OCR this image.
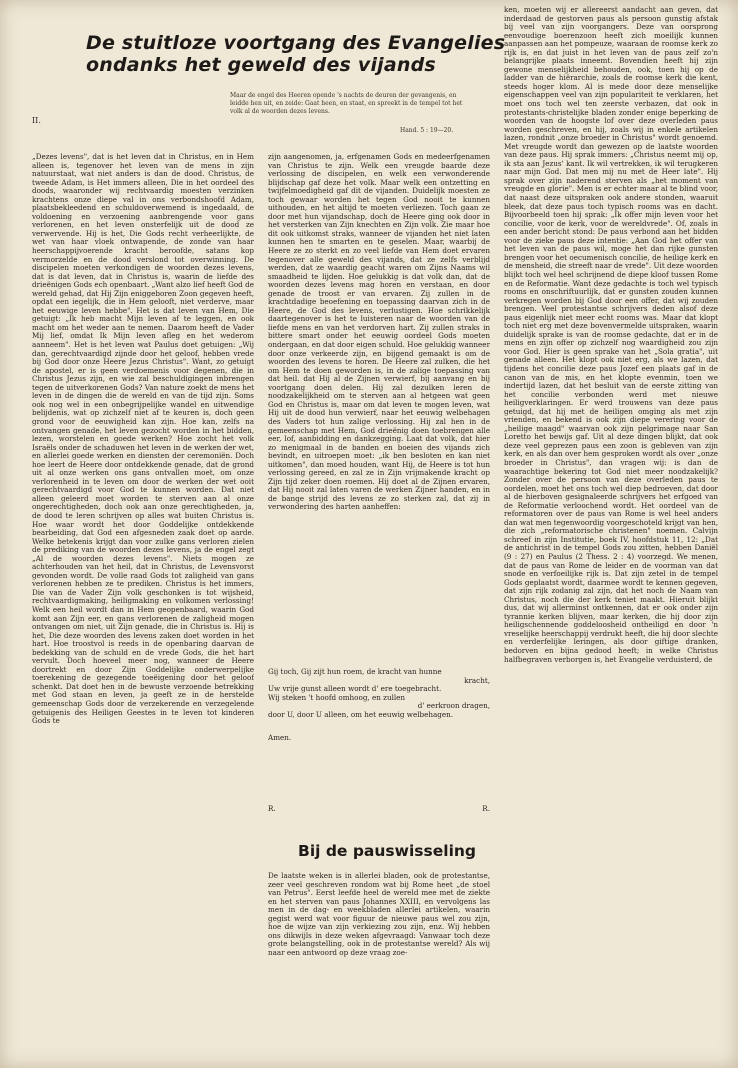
De stuitloze voortgang des Evangelies
ondanks het geweld des vijands
II.
Maar de engel des Heeren opende 's nachts de deuren der gevangenis, en leidde hen uit, en zeide: Gaat heen, en staat, en spreekt in de tempel tot het volk al de woorden dezes levens.
Hand. 5 : 19—20.

„Dezes levens", dat is het leven dat in Christus, en in Hem alleen is, tegenover het leven van de mens in zijn natuurstaat, wat niet anders is dan de dood. Christus, de tweede Adam, is Het immers alleen, Die in het oordeel des doods, waaronder wij rechtvaardig moesten verzinken krachtens onze diepe val in ons verbondshoofd Adam, plaatsbekleedend en schuldoverwemend is ingedaald, de voldoening en verzoening aanbrengende voor gans verlorenen, en het leven onsterfelijk uit de dood ze verwervende. Hij is het, Die Gods recht verheerlijkte, de wet van haar vloek ontwapende, de zonde van haar heerschappijvoerende kracht beroofde, satans kop vermorzelde en de dood verslond tot overwinning. De discipelen moeten verkondigen de woorden dezes levens, dat is dat leven, dat in Christus is, waarin de liefde des drieënigen Gods ech openbaart. „Want alzo lief heeft God de wereld gehad, dat Hij Zijn eniggeboren Zoon gegeven heeft, opdat een iegelijk, die in Hem gelooft, niet verderve, maar het eeuwige leven hebbe". Het is dat leven van Hem, Die getuigt: „Ik heb macht Mijn leven af te leggen, en ook macht om het weder aan te nemen. Daarom heeft de Vader Mij lief, omdat Ik Mijn leven afleg en het wederom aanneem". Het is het leven wat Paulus doet getuigen: „Wij dan, gerechtvaardigd zijnde door het geloof, hebben vrede bij God door onze Heere Jezus Christus". Want, zo getuigt de apostel, er is geen verdoemenis voor degenen, die in Christus Jezus zijn, en wie zal beschuldigingen inbrengen tegen de uitverkorenen Gods? Van nature zoekt de mens het leven in de dingen die de wereld en van de tijd zijn. Soms ook nog wel in een onbegrijpelijke wandel en uitwendige belijdenis, wat op zichzelf niet af te keuren is, doch geen grond voor de eeuwigheid kan zijn. Hoe kan, zelfs na ontvangen genade, het leven gezocht worden in het bidden, lezen, worstelen en goede werken? Hoe zocht het volk Israëls onder de schaduwen het leven in de werken der wet, en allerlei goede werken en diensten der ceremoniën. Doch hoe leert de Heere door ontdekkende genade, dat de grond uit al onze werken ons gans ontvallen moet, om onze verlorenheid in te leven om door de werken der wet ooit gerechtvaardigd voor God te kunnen worden. Dat niet alleen geleerd moet worden te sterven aan al onze ongerechtigheden, doch ook aan onze gerechtigheden, ja, de dood te leren schrijven op alles wat buiten Christus is. Hoe waar wordt het door Goddelijke ontdekkende bearbeiding, dat God een afgesneden zaak doet op aarde. Welke betekenis krijgt dan voor zulke gans verloren zielen de prediking van de woorden dezes levens, ja de engel zegt „Al de woorden dezes levens". Niets mogen ze achterhouden van het heil, dat in Christus, de Levensvorst gevonden wordt. De volle raad Gods tot zaligheid van gans verlorenen hebben ze te prediken. Christus is het immers, Die van de Vader Zijn volk geschonken is tot wijsheid, rechtvaardigmaking, heiligmaking en volkomen verlossing! Welk een heil wordt dan in Hem geopenbaard, waarin God komt aan Zijn eer, en gans verlorenen de zaligheid mogen ontvangen om niet, uit Zijn genade, die in Christus is. Hij is het, Die deze woorden des levens zaken doet worden in het hart. Hoe troostvol is reeds in de openbaring daarvan de bedekking van de schuld en de vrede Gods, die het hart vervult. Doch hoeveel meer nog, wanneer de Heere doortrekt en door Zijn Goddelijke onderwerpelijke toerekening de gezegende toeëigening door het geloof schenkt. Dat doet hen in de bewuste verzoende betrekking met God staan en leven, ja geeft ze in de herstelde gemeenschap Gods door de verzekerende en verzegelende getuigenis des Heiligen Geestes in te leven tot kinderen Gods te

zijn aangenomen, ja, erfgenamen Gods en medeerfgenamen van Christus te zijn. Welk een vreugde baarde deze verlossing de discipelen, en welk een verwonderende blijdschap gaf deze het volk. Maar welk een ontzetting en twijfelmoedigheid gaf dit de vijanden. Duidelijk moesten ze toch gewaar worden het tegen God nooit te kunnen uithouden, en het altijd te moeten verliezen. Toch gaan ze door met hun vijandschap, doch de Heere ging ook door in het versterken van Zijn knechten en Zijn volk. Zie maar hoe dit ook uitkomst straks, wanneer de vijanden het niet laten kunnen hen te smarten en te geselen. Maar, waarbij de Heere ze zo sterkt en zo veel liefde van Hem doet ervaren tegenover alle geweld des vijands, dat ze zelfs verblijd werden, dat ze waardig geacht waren om Zijns Naams wil smaadheid te lijden. Hoe gelukkig is dat volk dan, dat de woorden dezes levens mag horen en verstaan, en door genade de troost er van ervaren. Zij zullen in de krachtdadige beoefening en toepassing daarvan zich in de Heere, de God des levens, verlustigen. Hoe schrikkelijk daartegenover is het te luisteren naar de woorden van de liefde mens en van het verdorven hart. Zij zullen straks in bittere smart onder het eeuwig oordeel Gods moeten ondergaan, en dat door eigen schuld. Hoe gelukkig wanneer door onze verkeerde zijn, en bijgend gemaakt is om de woorden des levens te horen. De Heere zal zulken, die het om Hem te doen geworden is, in de zalige toepassing van dat heil. dat Hij al de Zijnen verwierf, bij aanvang en bij voortgang doen delen. Hij zal dezulken leren de noodzakelijkheid om te sterven aan al hetgeen wat geen God en Christus is, maar om dat leven te mogen leven, wat Hij uit de dood hun verwierf, naar het eeuwig welbehagen des Vaders tot hun zalige verlossing. Hij zal hen in de gemeenschap met Hem, God drieënig doen toebrengen alle eer, lof, aanbidding en dankzegging. Laat dat volk, dat hier zo menigmaal in de banden en boeien des vijands zich bevindt, en uitroepen moet: „ik ben besloten en kan niet uitkomen", dan moed houden, want Hij, de Heere is tot hun verlossing gereed, en zal ze in Zijn vrijmakende kracht op Zijn tijd zeker doen roemen. Hij doet al de Zijnen ervaren, dat Hij nooit zal laten varen de werken Zijner handen, en in de bange strijd des levens ze zo sterken zal, dat zij in verwondering des harten aanheffen:

Gij toch, Gij zijt hun roem, de kracht van hunne
kracht,
Uw vrije gunst alleen wordt d' ere toegebracht.
Wij steken 't hoofd omhoog, en zullen
d' eerkroon dragen,
door U, door U alleen, om het eeuwig welbehagen.
Amen.
R.	R.
Bij de pauswisseling

De laatste weken is in allerlei bladen, ook de protestantse, zeer veel geschreven rondom wat bij Rome heet „de stoel van Petrus". Eerst leefde heel de wereld mee met de ziekte en het sterven van paus Johannes XXIII, en vervolgens las men in de dag- en weekbladen allerlei artikelen, waarin gegist werd wat voor figuur de nieuwe paus wel zou zijn, hoe de wijze van zijn verkiezing zou zijn, enz. Wij hebben ons dikwijls in deze weken afgevraagd: Vanwaar toch deze grote belangstelling, ook in de protestantse wereld? Als wij naar een antwoord op deze vraag zoe-

ken, moeten wij er allereerst aandacht aan geven, dat inderdaad de gestorven paus als persoon gunstig afstak bij veel van zijn voorgangers. Deze van oorsprong eenvoudige boerenzoon heeft zich moeilijk kunnen aanpassen aan het pompeuze, waaraan de roomse kerk zo rijk is, en dat juist in het leven van de paus zelf zo'n belangrijke plaats inneemt. Bovendien heeft hij zijn gewone menselijkheid behouden, ook, toen hij op de ladder van de hiërarchie, zoals de roomse kerk die kent, steeds hoger klom. Al is mede door deze menselijke eigenschappen veel van zijn populariteit te verklaren, het moet ons toch wel ten zeerste verbazen, dat ook in protestants-christelijke bladen zonder enige beperking de woorden van de hoogste lof over deze overleden paus worden geschreven, en hij, zoals wij in enkele artikelen lazen, rondnit „onze broeder in Christus" wordt genoemd. Met vreugde wordt dan gewezen op de laatste woorden van deze paus. Hij sprak immers: „Christus neemt mij op, ik sta aan Jezus' kant. Ik wil vertrekken, ik wil terugkeren naar mijn God. Dat men mij nu met de Heer late". Hij sprak over zijn naderend sterven als „het moment van vreugde en glorie". Men is er echter maar al te blind voor, dat naast deze uitspraken ook andere stonden, waaruit bleek, dat deze paus toch typisch rooms was en dacht. Bijvoorbeeld toen hij sprak: „Ik offer mijn leven voor het concilie, voor de kerk, voor de wereldvrede". Of, zoals in een ander bericht stond: De paus verbond aan het bidden voor de zieke paus deze intentie: „Aan God het offer van het leven van de paus wil, moge het dan rijke gunsten brengen voor het oecumenisch concilie, de heilige kerk en de mensheid, die streeft naar de vrede". Uit deze woorden blijkt toch wel heel schrijnend de diepe kloof tussen Rome en de Reformatie. Want deze gedachte is toch wel typisch rooms en onschriftuurlijk, dat er gunsten zouden kunnen verkregen worden bij God door een offer, dat wij zouden brengen. Veel protestantse schrijvers deden alsof deze paus eigenlijk niet meer echt rooms was. Maar dat klopt toch niet erg met deze bovenvermelde uitspraken, waarin duidelijk sprake is van de roomse gedachte, dat er in de mens en zijn offer op zichzelf nog waardigheid zou zijn voor God. Hier is geen sprake van het „Sola gratia", uit genade alleen. Het klopt ook niet erg, als we lazen, dat tijdens het concilie deze paus Jozef een plaats gaf in de canon van de mis, en het klopte evenmin, toen we indertijd lazen, dat het besluit van de eerste zitting van het concilie verbonden werd met nieuwe heiligverklaringen. Er werd trouwens van deze paus getuigd, dat hij met de heiligen omging als met zijn vrienden, en bekend is ook zijn diepe verering voor de „heilige maagd" waarvan ook zijn pelgrimage naar San Loretto het bewijs gaf. Uit al deze dingen blijkt, dat ook deze veel geprezen paus een zoon is gebleven van zijn kerk, en als dan over hem gesproken wordt als over „onze broeder in Christus", dan vragen wij: is dan de waarachtige bekering tot God niet meer noodzakelijk? Zonder over de persoon van deze overleden paus te oordelen, moet het ons toch wel diep bedroeven, dat door al de hierboven gesignaleerde schrijvers het erfgoed van de Reformatie verloochend wordt. Het oordeel van de reformatoren over de paus van Rome is wel heel anders dan wat men tegenwoordig voorgeschoteld krijgt van hen, die zich „reformatorische christenen" noemen. Calvijn schreef in zijn Institutie, boek IV, hoofdstuk 11, 12: „Dat de antichrist in de tempel Gods zou zitten, hebben Daniël (9 : 27) en Paulus (2 Thess. 2 : 4) voorzegd. We menen, dat de paus van Rome de leider en de voorman van dat snode en verfoeilijke rijk is. Dat zijn zetel in de tempel Gods geplaatst wordt, daarmee wordt te kennen gegeven, dat zijn rijk zodanig zal zijn, dat het noch de Naam van Christus, noch die der kerk teniet maakt. Hieruit blijkt dus, dat wij allerminst ontkennen, dat er ook onder zijn tyrannie kerken blijven, maar kerken, die hij door zijn heiligschennende goddeloosheid ontheiligd en door 'n vreselijke heerschappij verdrukt heeft, die hij door slechte en verderfelijke leringen, als door giftige dranken, bedorven en bijna gedood heeft; in welke Christus halfbegraven verborgen is, het Evangelie verduisterd, de
